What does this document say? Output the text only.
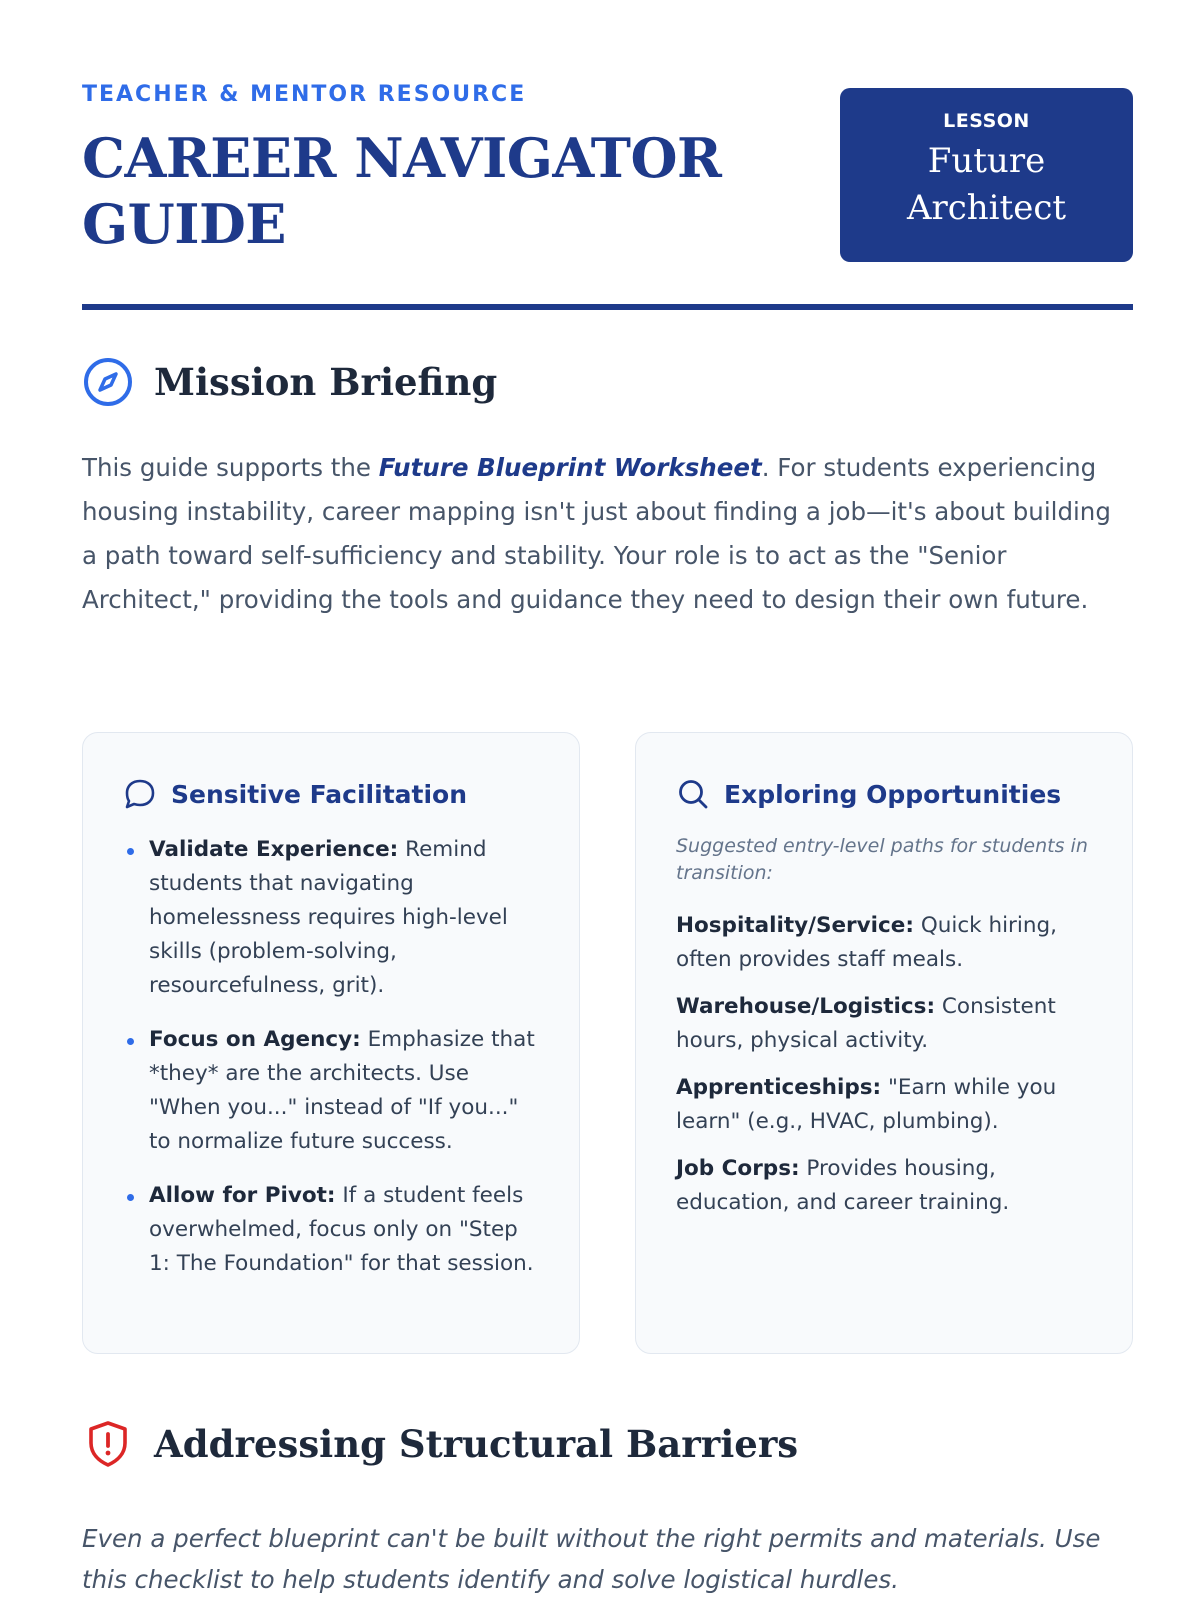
TEACHER & MENTOR RESOURCE
CAREER NAVIGATOR
GUIDE
LESSON
Future
Architect
Mission Briefing

This guide supports the Future Blueprint Worksheet. For students experiencing housing instability, career mapping isn't just about finding a job—it's about building a path toward self-sufficiency and stability. Your role is to act as the "Senior Architect," providing the tools and guidance they need to design their own future.

Sensitive Facilitation
Validate Experience: Remind students that navigating homelessness requires high-level skills (problem-solving, resourcefulness, grit).
Focus on Agency: Emphasize that *they* are the architects. Use "When you..." instead of "If you..." to normalize future success.
Allow for Pivot: If a student feels overwhelmed, focus only on "Step 1: The Foundation" for that session.
Exploring Opportunities
Suggested entry-level paths for students in transition:
Hospitality/Service: Quick hiring, often provides staff meals.
Warehouse/Logistics: Consistent hours, physical activity.
Apprenticeships: "Earn while you learn" (e.g., HVAC, plumbing).
Job Corps: Provides housing, education, and career training.
Addressing Structural Barriers

Even a perfect blueprint can't be built without the right permits and materials. Use this checklist to help students identify and solve logistical hurdles.
